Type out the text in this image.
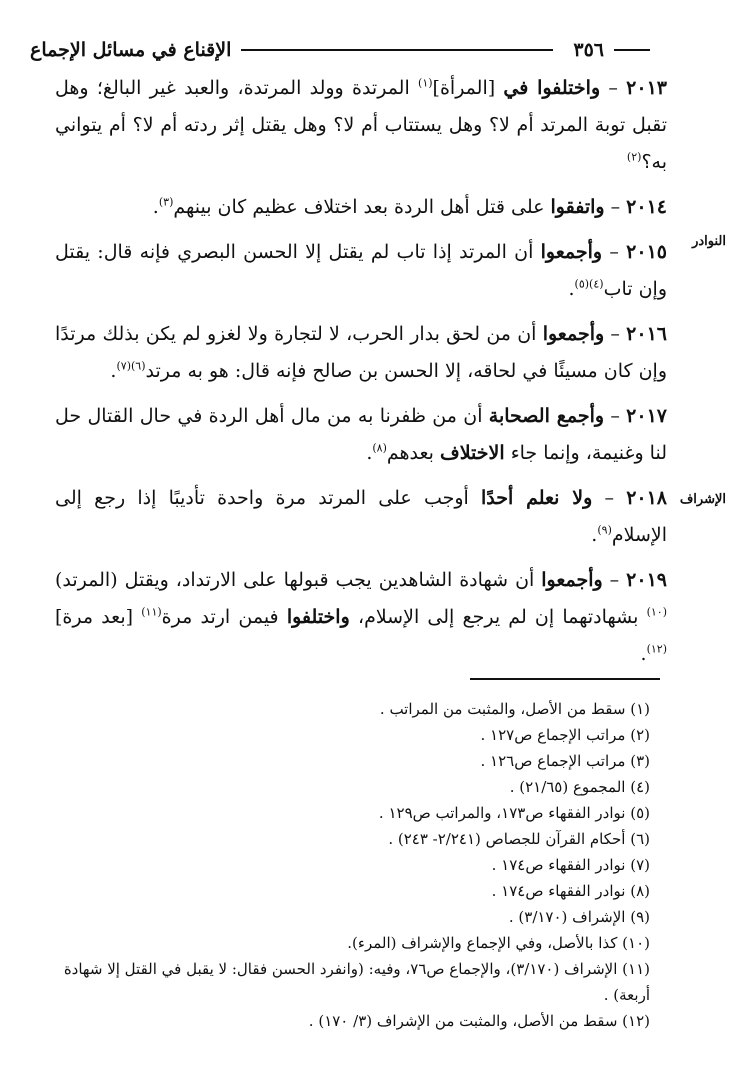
٣٥٦
الإقناع في مسائل الإجماع
النوادر
الإشراف

٢٠١٣ – واختلفوا في [المرأة]$^{(١)}$ المرتدة وولد المرتدة، والعبد غير البالغ؛ وهل تقبل توبة المرتد أم لا؟ وهل يستتاب أم لا؟ وهل يقتل إثر ردته أم لا؟ أم يتواني به؟$^{(٢)}$

٢٠١٤ – واتفقوا على قتل أهل الردة بعد اختلاف عظيم كان بينهم$^{(٣)}$.

٢٠١٥ – وأجمعوا أن المرتد إذا تاب لم يقتل إلا الحسن البصري فإنه قال: يقتل وإن تاب$^{(٤)(٥)}$.

٢٠١٦ – وأجمعوا أن من لحق بدار الحرب، لا لتجارة ولا لغزو لم يكن بذلك مرتدًا وإن كان مسيئًا في لحاقه، إلا الحسن بن صالح فإنه قال: هو به مرتد$^{(٦)(٧)}$.

٢٠١٧ – وأجمع الصحابة أن من ظفرنا به من مال أهل الردة في حال القتال حل لنا وغنيمة، وإنما جاء الاختلاف بعدهم$^{(٨)}$.

٢٠١٨ – ولا نعلم أحدًا أوجب على المرتد مرة واحدة تأديبًا إذا رجع إلى الإسلام$^{(٩)}$.

٢٠١٩ – وأجمعوا أن شهادة الشاهدين يجب قبولها على الارتداد، ويقتل (المرتد)$^{(١٠)}$ بشهادتهما إن لم يرجع إلى الإسلام، واختلفوا فيمن ارتد مرة$^{(١١)}$ [بعد مرة]$^{(١٢)}$.

(١) سقط من الأصل، والمثبت من المراتب .

(٢) مراتب الإجماع ص١٢٧ .

(٣) مراتب الإجماع ص١٢٦ .

(٤) المجموع (٢١/٦٥) .

(٥) نوادر الفقهاء ص١٧٣، والمراتب ص١٢٩ .

(٦) أحكام القرآن للجصاص (٢/٢٤١- ٢٤٣) .

(٧) نوادر الفقهاء ص١٧٤ .

(٨) نوادر الفقهاء ص١٧٤ .

(٩) الإشراف (٣/١٧٠) .

(١٠) كذا بالأصل، وفي الإجماع والإشراف (المرء).

(١١) الإشراف (٣/١٧٠)، والإجماع ص٧٦، وفيه: (وانفرد الحسن فقال: لا يقبل في القتل إلا شهادة أربعة) .

(١٢) سقط من الأصل، والمثبت من الإشراف (٣/ ١٧٠) .
